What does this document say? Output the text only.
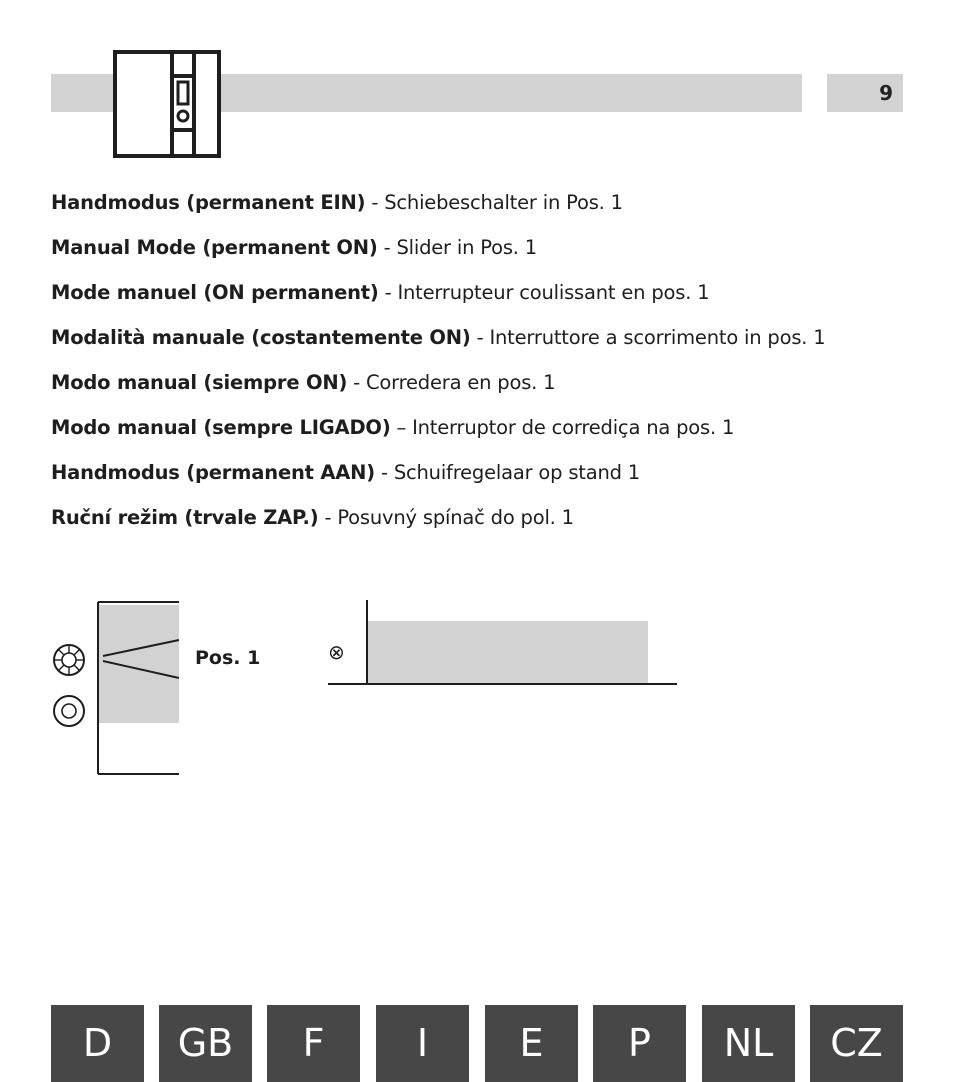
9
Handmodus (permanent EIN) - Schiebeschalter in Pos. 1
Manual Mode (permanent ON) - Slider in Pos. 1
Mode manuel (ON permanent) - Interrupteur coulissant en pos. 1
Modalità manuale (costantemente ON) - Interruttore a scorrimento in pos. 1
Modo manual (siempre ON) - Corredera en pos. 1
Modo manual (sempre LIGADO) – Interruptor de corrediça na pos. 1
Handmodus (permanent AAN) - Schuifregelaar op stand 1
Ruční režim (trvale ZAP.) - Posuvný spínač do pol. 1
⊗
Pos. 1
D	GB	F	I	E	P	NL	CZ
